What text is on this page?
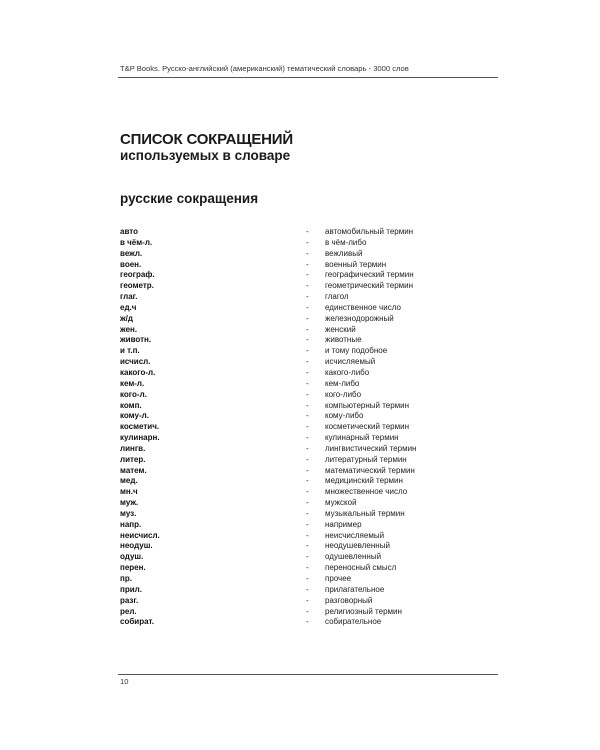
T&P Books. Русско-английский (американский) тематический словарь - 3000 слов
СПИСОК СОКРАЩЕНИЙ
используемых в словаре
русские сокращения
авто	- автомобильный термин
в чём-л.	- в чём-либо
вежл.	- вежливый
воен.	- военный термин
географ.	- географический термин
геометр.	- геометрический термин
глаг.	- глагол
ед.ч	- единственное число
ж/д	- железнодорожный
жен.	- женский
животн.	- животные
и т.п.	- и тому подобное
исчисл.	- исчисляемый
какого-л.	- какого-либо
кем-л.	- кем-либо
кого-л.	- кого-либо
комп.	- компьютерный термин
кому-л.	- кому-либо
косметич.	- косметический термин
кулинарн.	- кулинарный термин
лингв.	- лингвистический термин
литер.	- литературный термин
матем.	- математический термин
мед.	- медицинский термин
мн.ч	- множественное число
муж.	- мужской
муз.	- музыкальный термин
напр.	- например
неисчисл.	- неисчисляемый
неодуш.	- неодушевленный
одуш.	- одушевленный
перен.	- переносный смысл
пр.	- прочее
прил.	- прилагательное
разг.	- разговорный
рел.	- религиозный термин
собират.	- собирательное
10
